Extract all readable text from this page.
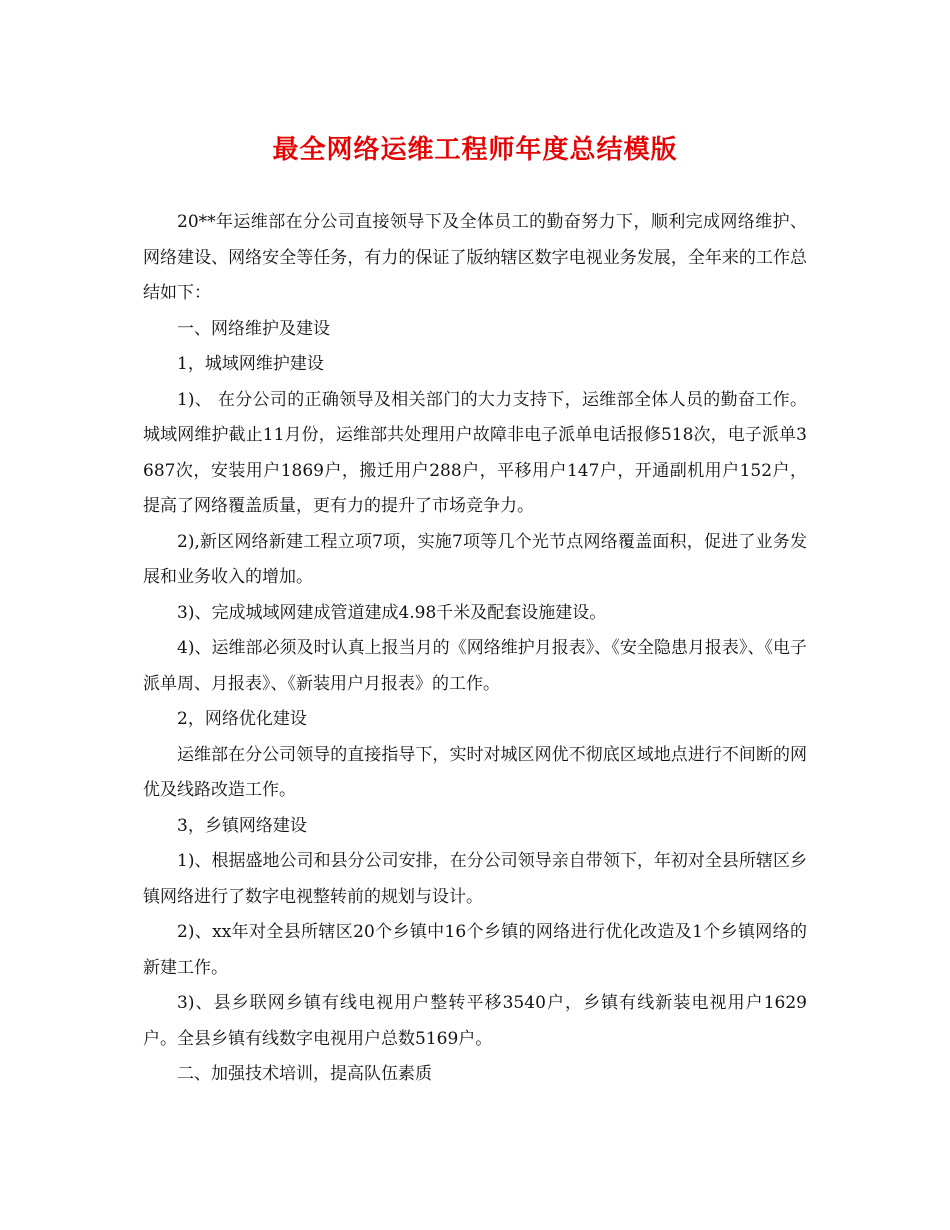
最全网络运维工程师年度总结模版

20**年运维部在分公司直接领导下及全体员工的勤奋努力下，顺利完成网络维护、网络建设、网络安全等任务，有力的保证了版纳辖区数字电视业务发展，全年来的工作总结如下：

一、网络维护及建设

1，城域网维护建设

1)、 在分公司的正确领导及相关部门的大力支持下，运维部全体人员的勤奋工作。城域网维护截止11月份，运维部共处理用户故障非电子派单电话报修518次，电子派单3687次，安装用户1869户，搬迁用户288户，平移用户147户，开通副机用户152户，提高了网络覆盖质量，更有力的提升了市场竞争力。

2),新区网络新建工程立项7项，实施7项等几个光节点网络覆盖面积，促进了业务发展和业务收入的增加。

3)、完成城域网建成管道建成4.98千米及配套设施建设。

4)、运维部必须及时认真上报当月的《网络维护月报表》、《安全隐患月报表》、《电子派单周、月报表》、《新装用户月报表》的工作。

2，网络优化建设

运维部在分公司领导的直接指导下，实时对城区网优不彻底区域地点进行不间断的网优及线路改造工作。

3，乡镇网络建设

1)、根据盛地公司和县分公司安排，在分公司领导亲自带领下，年初对全县所辖区乡镇网络进行了数字电视整转前的规划与设计。

2)、xx年对全县所辖区20个乡镇中16个乡镇的网络进行优化改造及1个乡镇网络的新建工作。

3)、县乡联网乡镇有线电视用户整转平移3540户，乡镇有线新装电视用户1629户。全县乡镇有线数字电视用户总数5169户。

二、加强技术培训，提高队伍素质
